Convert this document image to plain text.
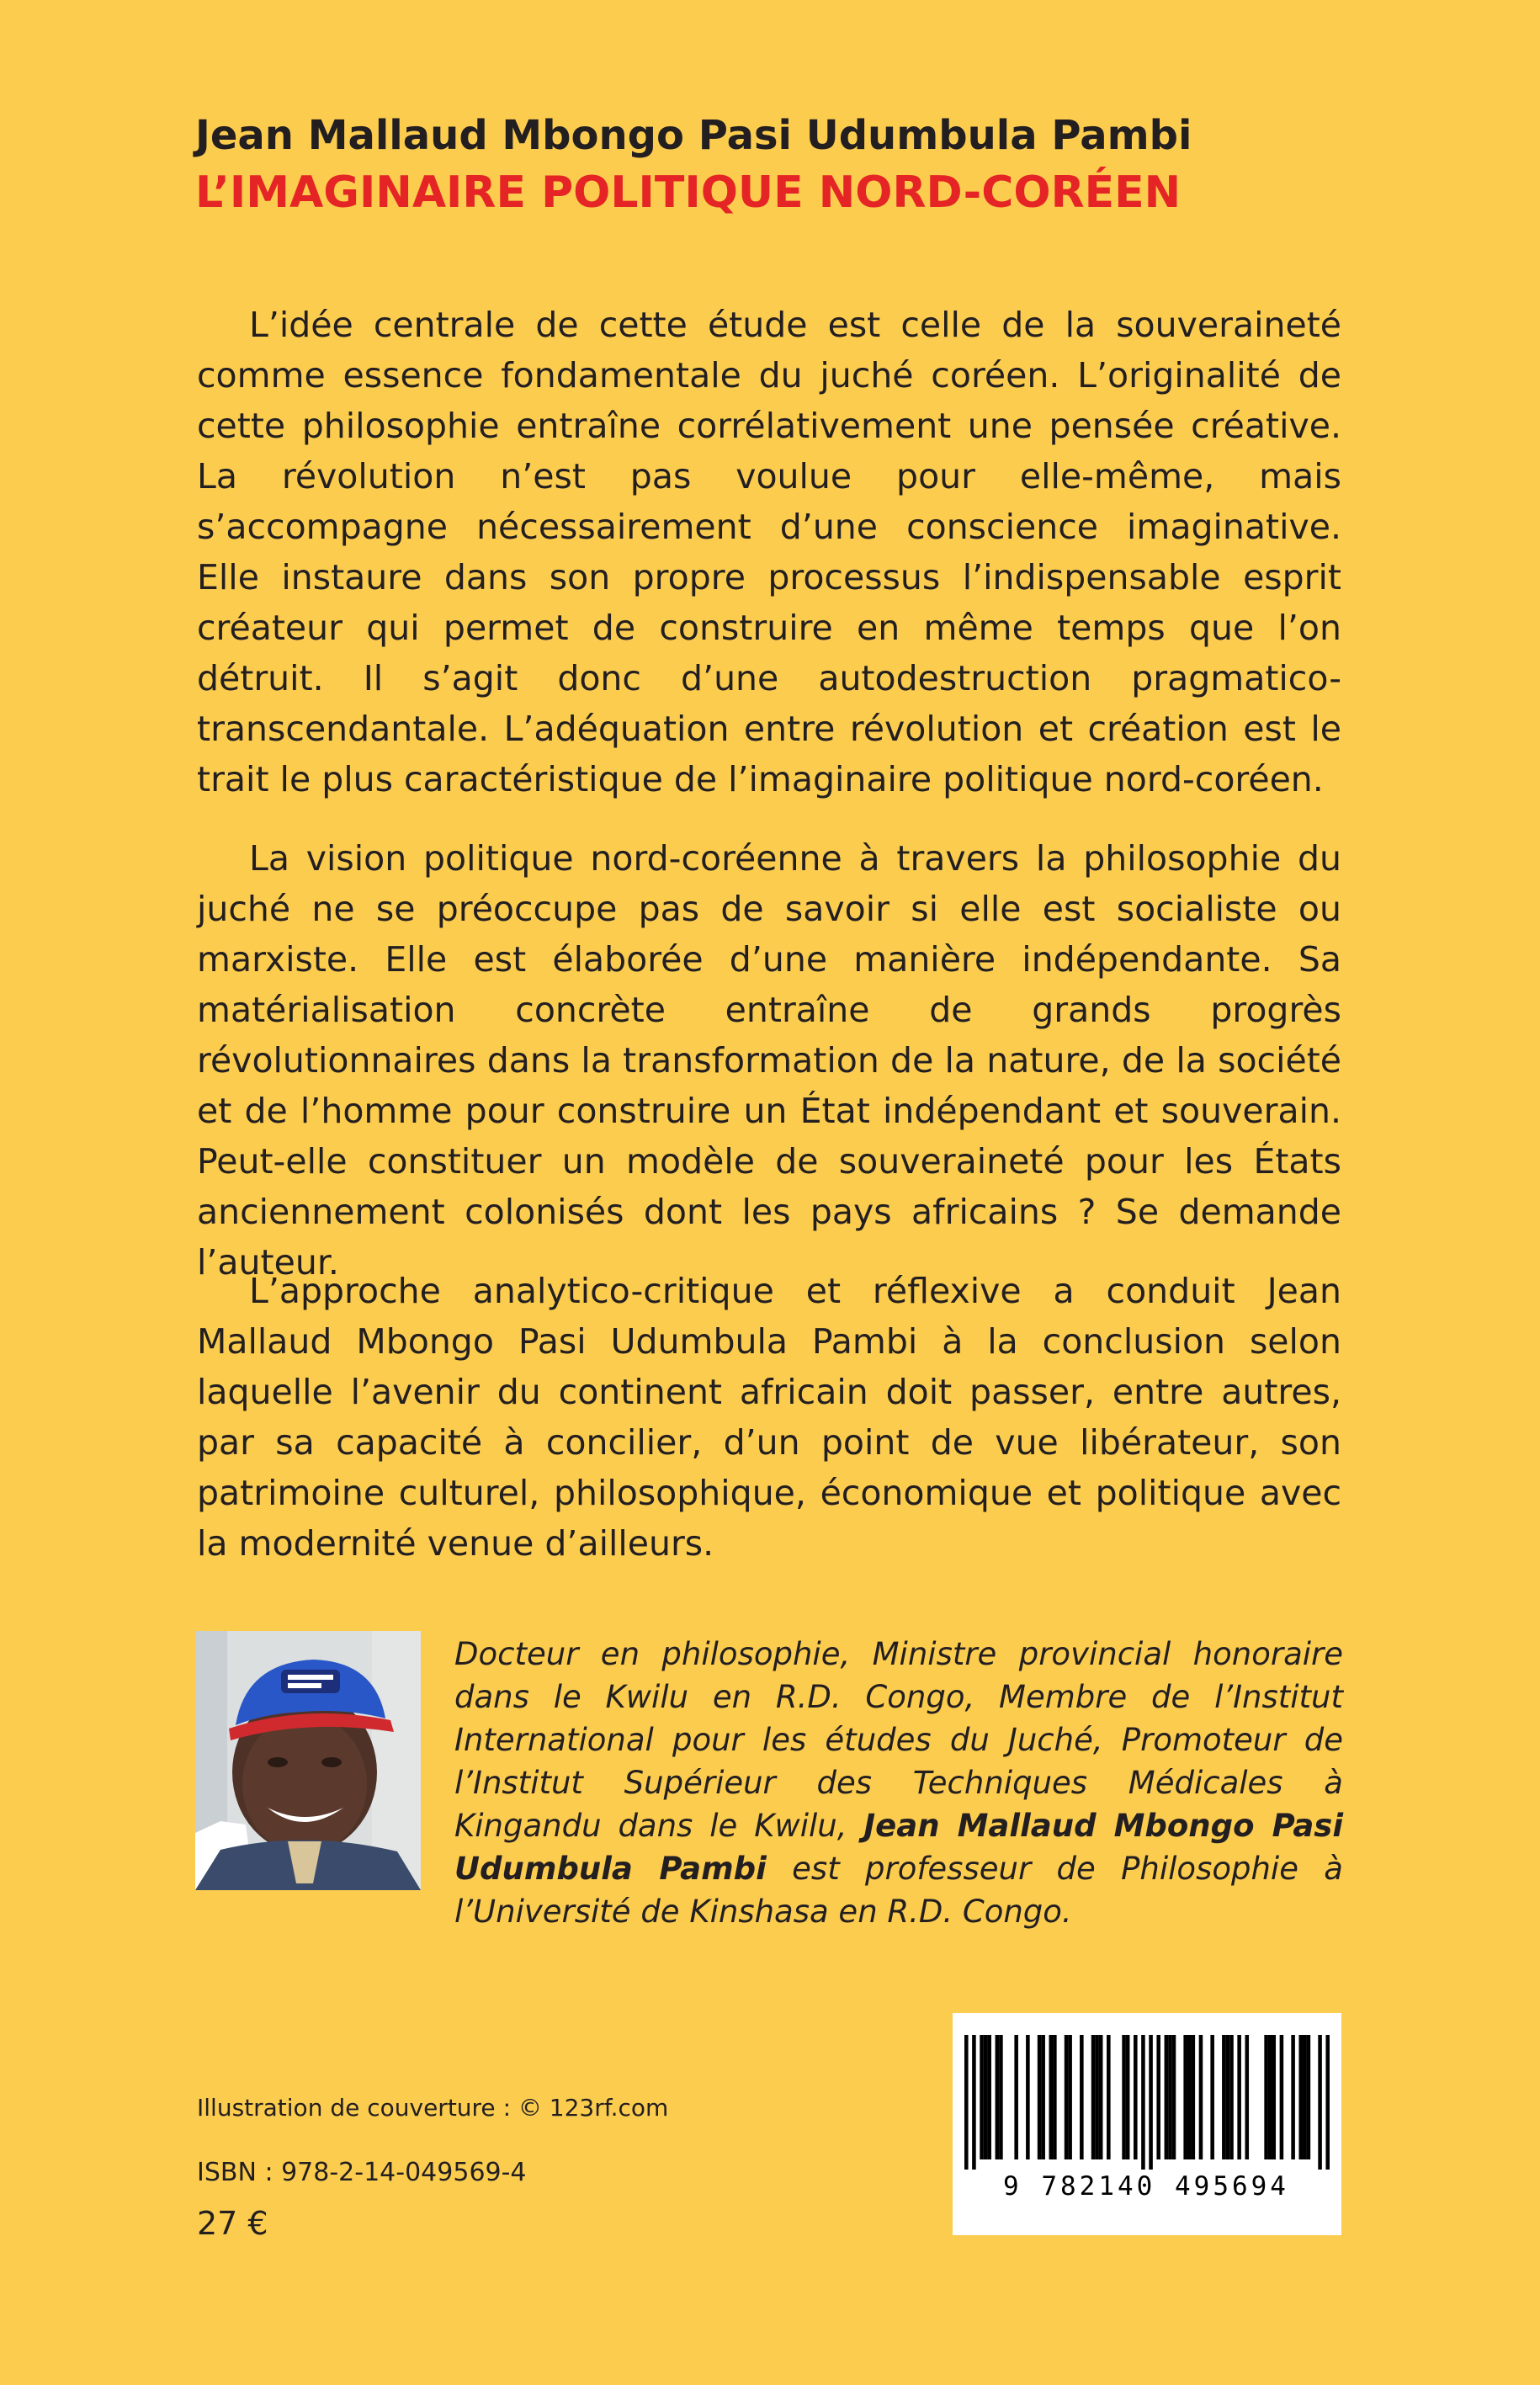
Jean Mallaud Mbongo Pasi Udumbula Pambi
L’IMAGINAIRE POLITIQUE NORD-CORÉEN

L’idée centrale de cette étude est celle de la souveraineté comme essence fondamentale du juché coréen. L’originalité de cette philosophie entraîne corrélativement une pensée créative. La révolution n’est pas voulue pour elle-même, mais s’accompagne nécessairement d’une conscience imaginative. Elle instaure dans son propre processus l’indispensable esprit créateur qui permet de construire en même temps que l’on détruit. Il s’agit donc d’une autodestruction pragmatico-transcendantale. L’adéquation entre révolution et création est le trait le plus caractéristique de l’imaginaire politique nord-coréen.

La vision politique nord-coréenne à travers la philosophie du juché ne se préoccupe pas de savoir si elle est socialiste ou marxiste. Elle est élaborée d’une manière indépendante. Sa matérialisation concrète entraîne de grands progrès révolutionnaires dans la transformation de la nature, de la société et de l’homme pour construire un État indépendant et souverain. Peut-elle constituer un modèle de souveraineté pour les États anciennement colonisés dont les pays africains ? Se demande l’auteur.

L’approche analytico-critique et réflexive a conduit Jean Mallaud Mbongo Pasi Udumbula Pambi à la conclusion selon laquelle l’avenir du continent africain doit passer, entre autres, par sa capacité à concilier, d’un point de vue libérateur, son patrimoine culturel, philosophique, économique et politique avec la modernité venue d’ailleurs.

Docteur en philosophie, Ministre provincial honoraire dans le Kwilu en R.D. Congo, Membre de l’Institut International pour les études du Juché, Promoteur de l’Institut Supérieur des Techniques Médicales à Kingandu dans le Kwilu, Jean Mallaud Mbongo Pasi Udumbula Pambi est professeur de Philosophie à l’Université de Kinshasa en R.D. Congo.

Illustration de couverture : © 123rf.com
ISBN : 978-2-14-049569-4
27 €
9 782140 495694
